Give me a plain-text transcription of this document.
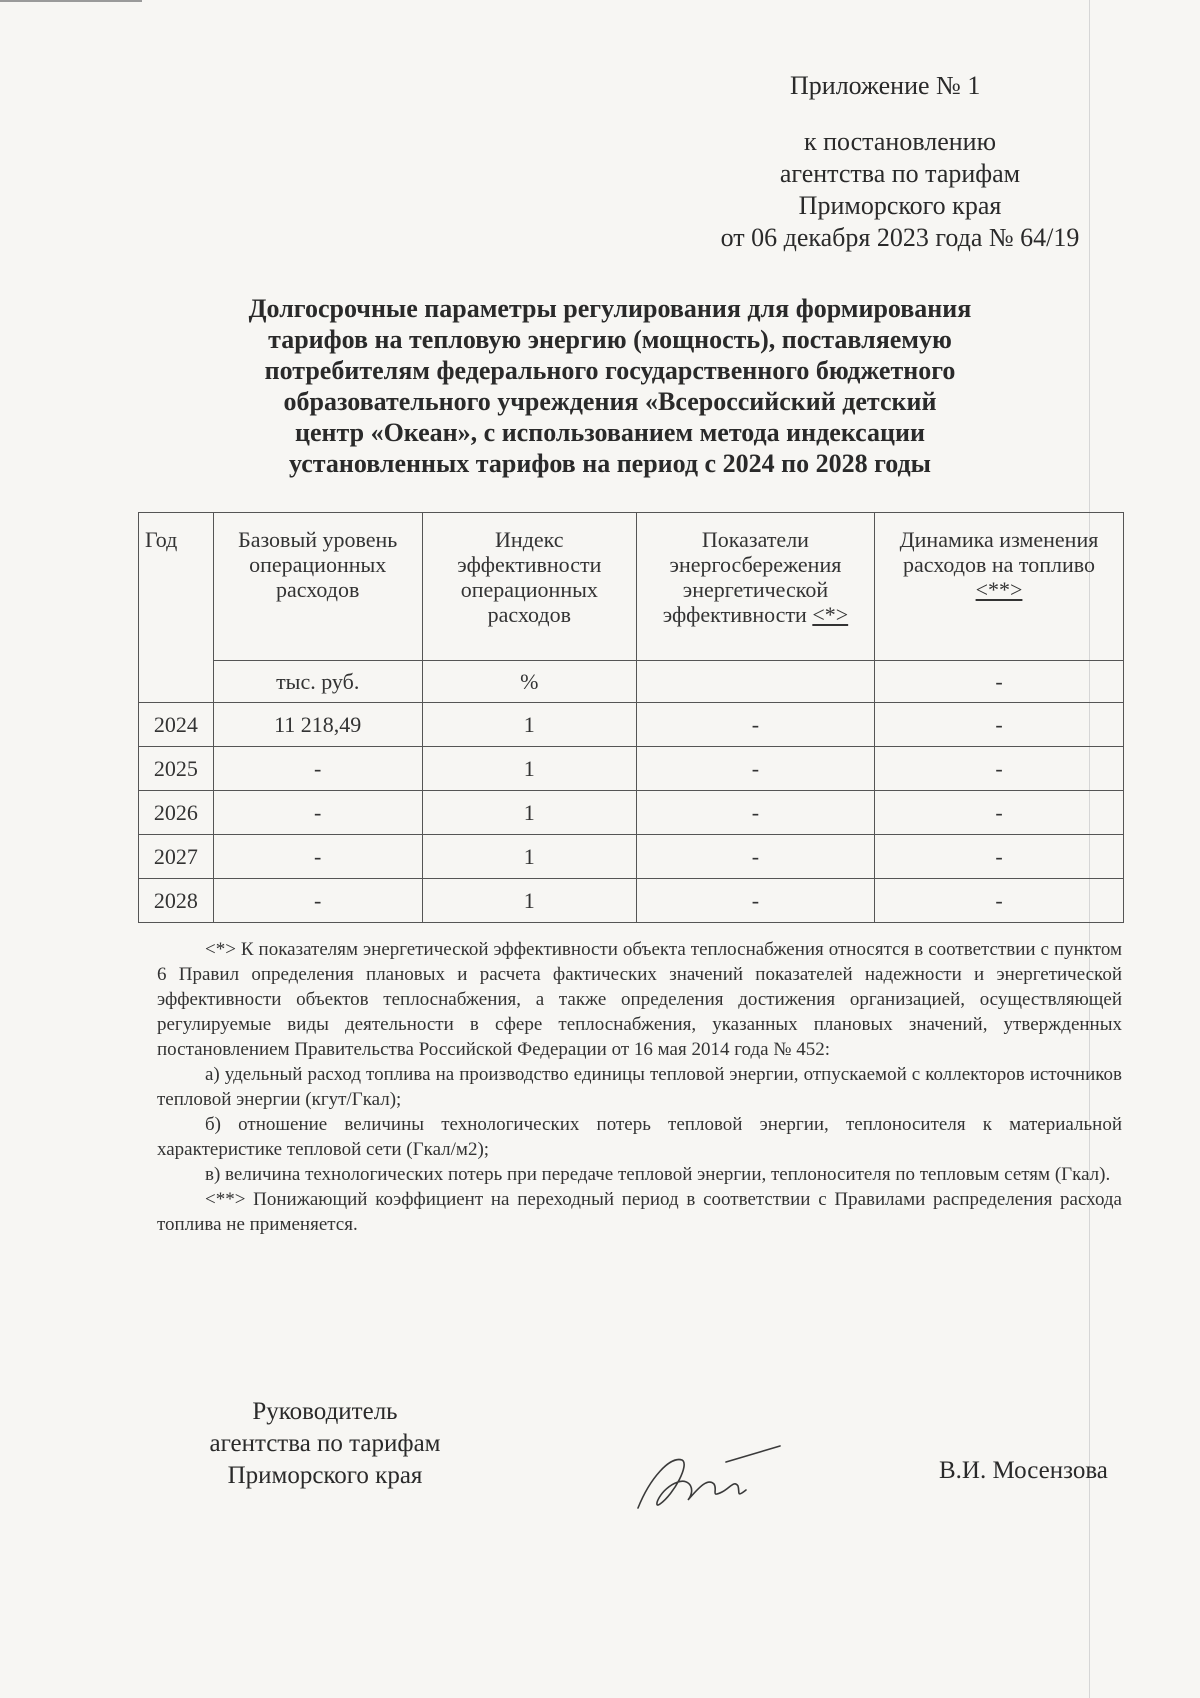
Приложение № 1
к постановлению
агентства по тарифам
Приморского края
от 06 декабря 2023 года № 64/19
Долгосрочные параметры регулирования для формирования
тарифов на тепловую энергию (мощность), поставляемую
потребителям федерального государственного бюджетного
образовательного учреждения «Всероссийский детский
центр «Океан», с использованием метода индексации
установленных тарифов на период с 2024 по 2028 годы
Год	Базовый уровень операционных расходов	Индекс эффективности операционных расходов	Показатели энергосбережения энергетической эффективности <*>	Динамика изменения расходов на топливо
<**>
	тыс. руб.	%		-
2024	11 218,49	1	-	-
2025	-	1	-	-
2026	-	1	-	-
2027	-	1	-	-
2028	-	1	-	-

<*> К показателям энергетической эффективности объекта теплоснабжения относятся в соответствии с пунктом 6 Правил определения плановых и расчета фактических значений показателей надежности и энергетической эффективности объектов теплоснабжения, а также определения достижения организацией, осуществляющей регулируемые виды деятельности в сфере теплоснабжения, указанных плановых значений, утвержденных постановлением Правительства Российской Федерации от 16 мая 2014 года № 452:

а) удельный расход топлива на производство единицы тепловой энергии, отпускаемой с коллекторов источников тепловой энергии (кгут/Гкал);

б) отношение величины технологических потерь тепловой энергии, теплоносителя к материальной характеристике тепловой сети (Гкал/м2);

в) величина технологических потерь при передаче тепловой энергии, теплоносителя по тепловым сетям (Гкал).

<**> Понижающий коэффициент на переходный период в соответствии с Правилами распределения расхода топлива не применяется.

Руководитель
агентства по тарифам
Приморского края	В.И. Мосензова
